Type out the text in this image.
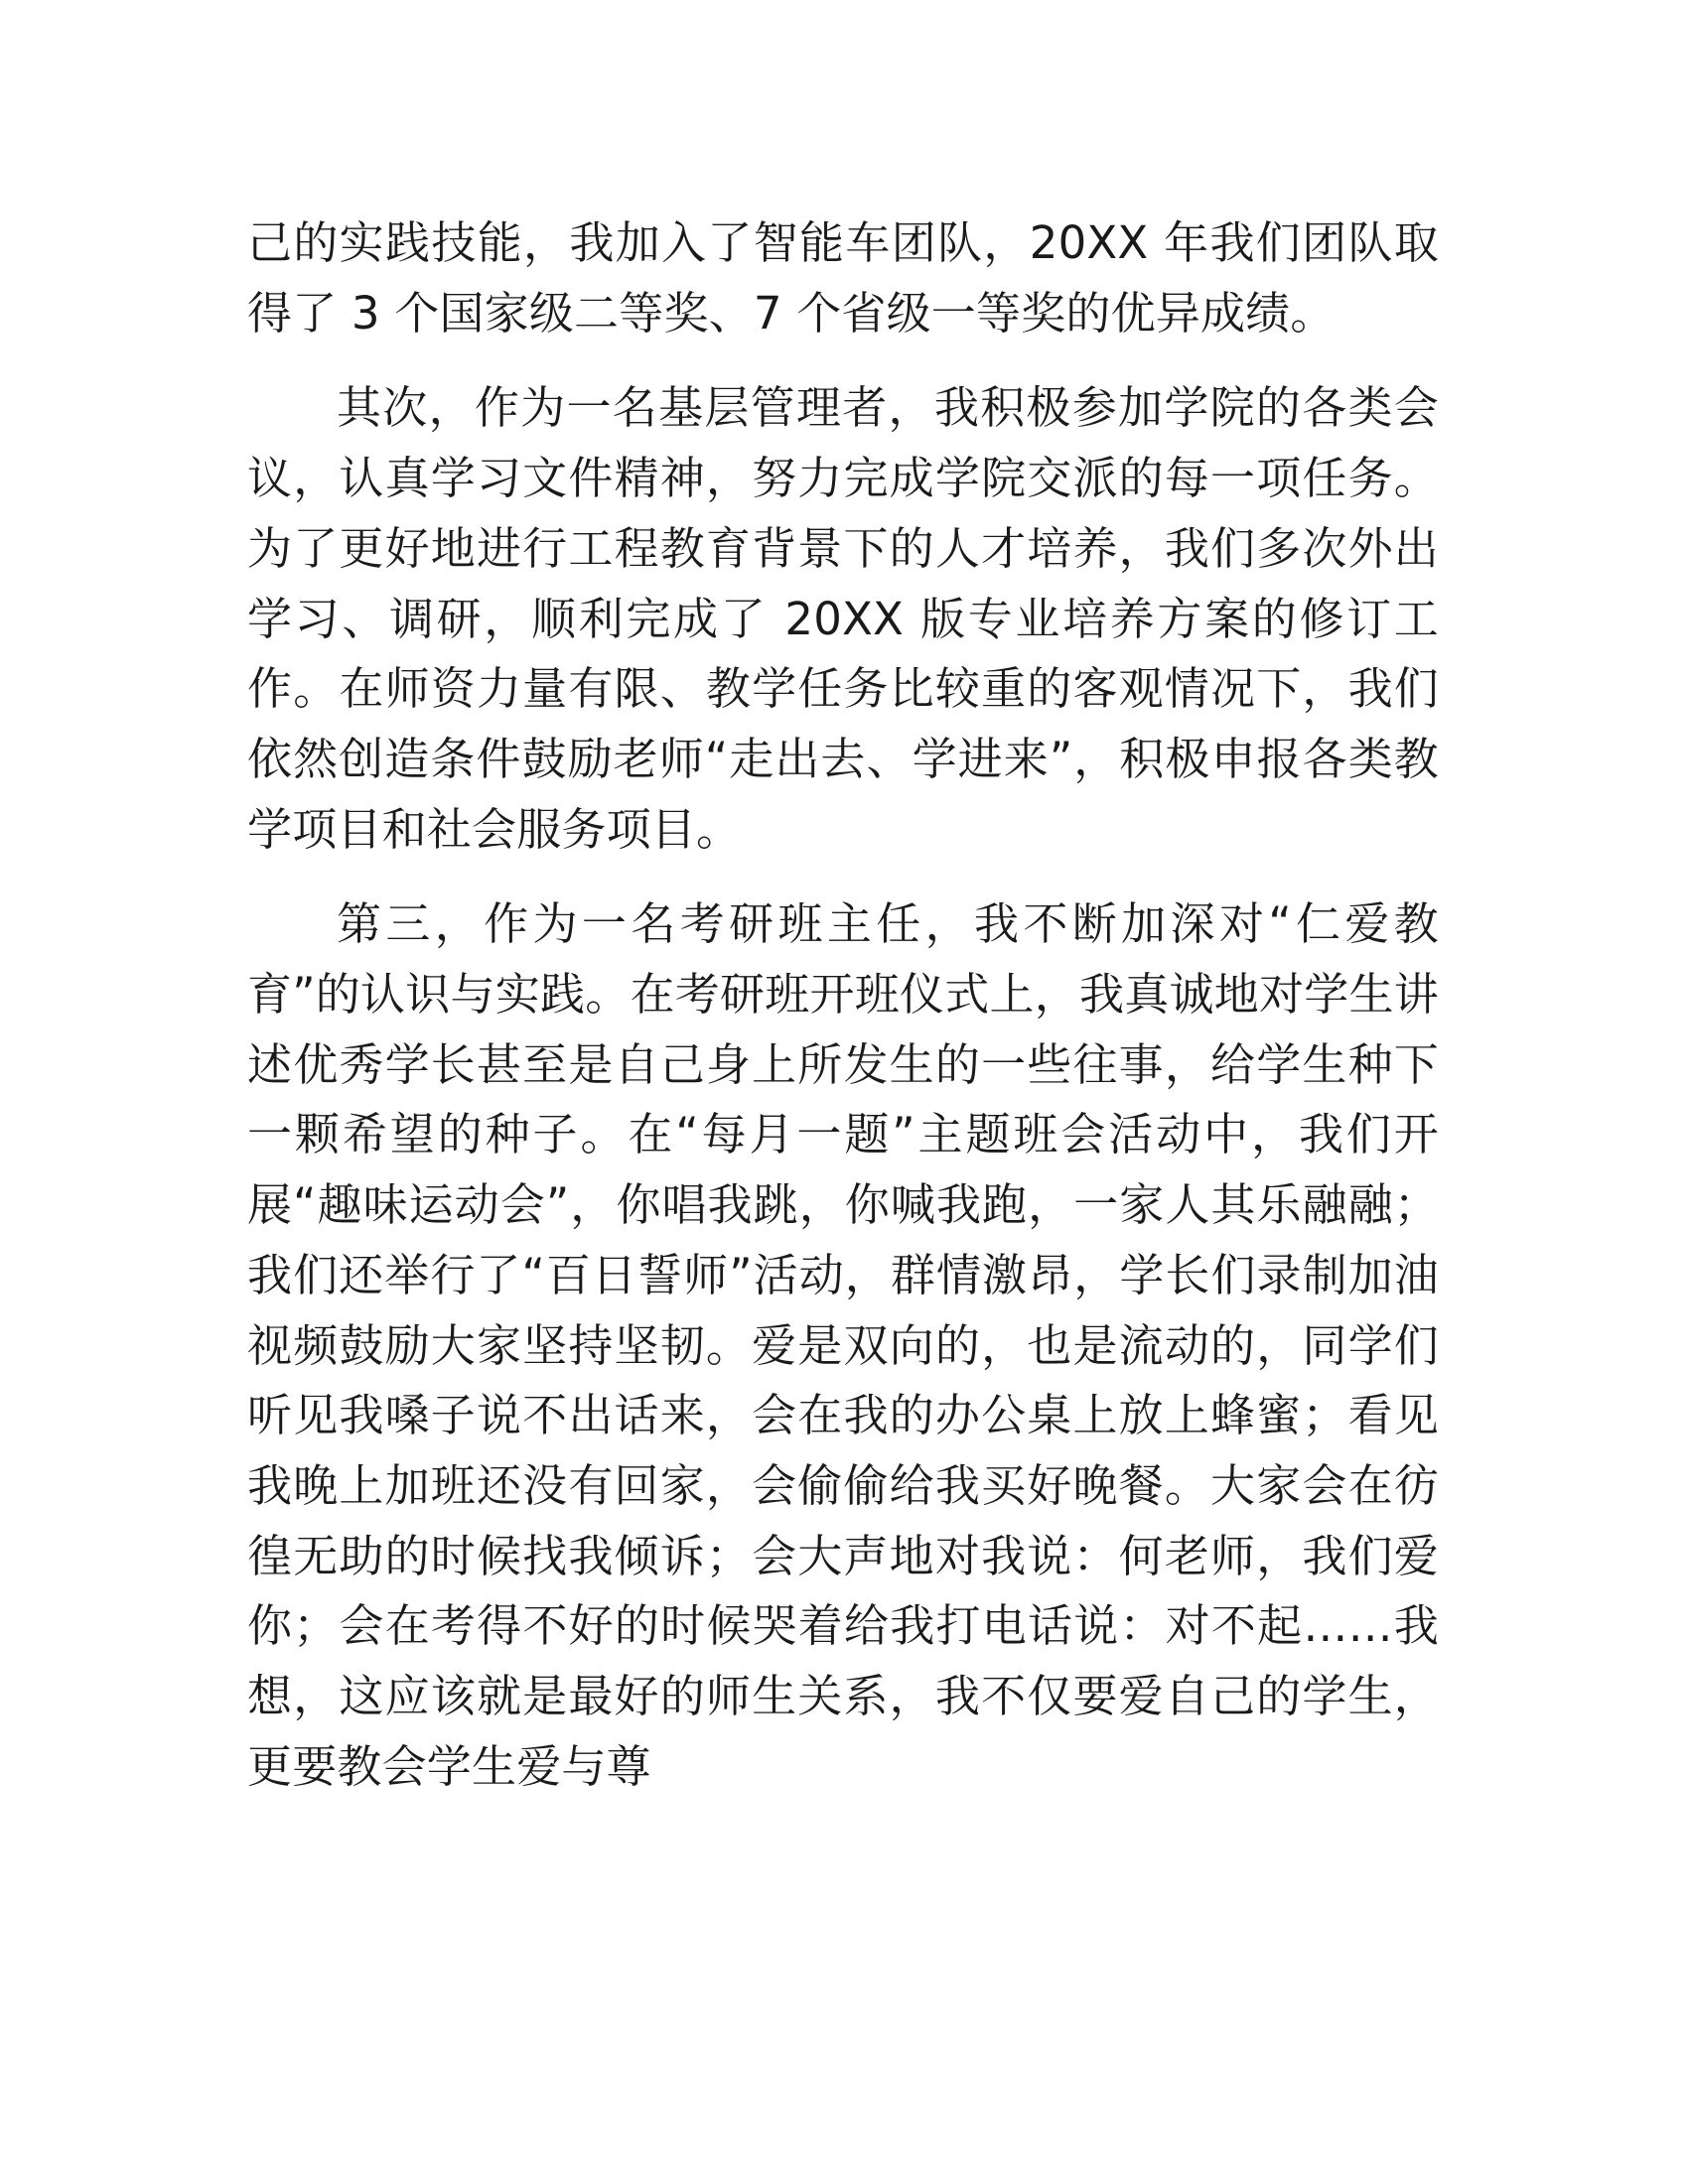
己的实践技能，我加入了智能车团队，20XX 年我们团队取得了 3 个国家级二等奖、7 个省级一等奖的优异成绩。

其次，作为一名基层管理者，我积极参加学院的各类会议，认真学习文件精神，努力完成学院交派的每一项任务。为了更好地进行工程教育背景下的人才培养，我们多次外出学习、调研，顺利完成了 20XX 版专业培养方案的修订工作。在师资力量有限、教学任务比较重的客观情况下，我们依然创造条件鼓励老师“走出去、学进来”，积极申报各类教学项目和社会服务项目。

第三，作为一名考研班主任，我不断加深对“仁爱教育”的认识与实践。在考研班开班仪式上，我真诚地对学生讲述优秀学长甚至是自己身上所发生的一些往事，给学生种下一颗希望的种子。在“每月一题”主题班会活动中，我们开展“趣味运动会”，你唱我跳，你喊我跑，一家人其乐融融；我们还举行了“百日誓师”活动，群情激昂，学长们录制加油视频鼓励大家坚持坚韧。爱是双向的，也是流动的，同学们听见我嗓子说不出话来，会在我的办公桌上放上蜂蜜；看见我晚上加班还没有回家，会偷偷给我买好晚餐。大家会在彷徨无助的时候找我倾诉；会大声地对我说：何老师，我们爱你；会在考得不好的时候哭着给我打电话说：对不起……我想，这应该就是最好的师生关系，我不仅要爱自己的学生，更要教会学生爱与尊
